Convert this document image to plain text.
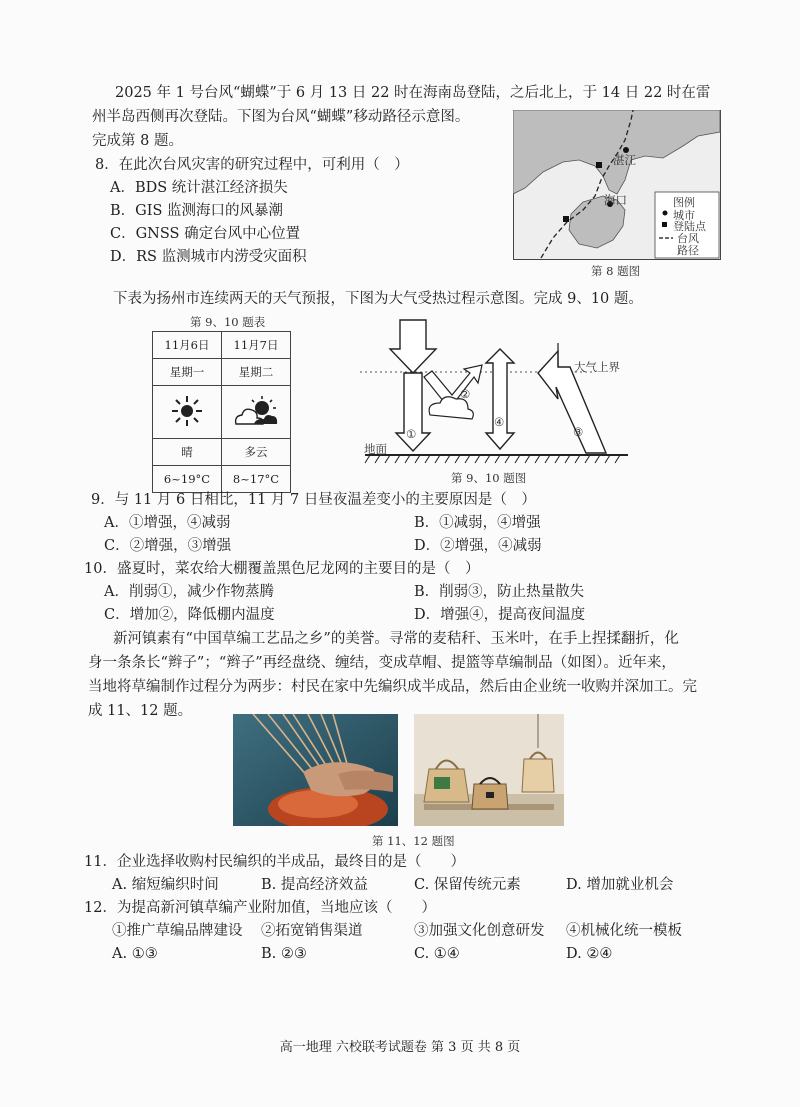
2025 年 1 号台风“蝴蝶”于 6 月 13 日 22 时在海南岛登陆，之后北上，于 14 日 22 时在雷
州半岛西侧再次登陆。下图为台风“蝴蝶”移动路径示意图。
完成第 8 题。
8．在此次台风灾害的研究过程中，可利用（　）
A．BDS 统计湛江经济损失
B．GIS 监测海口的风暴潮
C．GNSS 确定台风中心位置
D．RS 监测城市内涝受灾面积
湛江
海口	图例
城市
登陆点
台风
路径
第 8 题图
下表为扬州市连续两天的天气预报，下图为大气受热过程示意图。完成 9、10 题。
第 9、10 题表
11月6日	11月7日
星期一	星期二

晴	多云
6~19°C	8~17°C
大气上界
地面
①
②
③
④
第 9、10 题图
9．与 11 月 6 日相比，11 月 7 日昼夜温差变小的主要原因是（　）
A．①增强，④减弱	B．①减弱，④增强
C．②增强，③增强	D．②增强，④减弱
10．盛夏时，菜农给大棚覆盖黑色尼龙网的主要目的是（　）
A．削弱①，减少作物蒸腾	B．削弱③，防止热量散失
C．增加②，降低棚内温度	D．增强④，提高夜间温度
新河镇素有“中国草编工艺品之乡”的美誉。寻常的麦秸秆、玉米叶，在手上捏揉翻折，化
身一条条长“辫子”；“辫子”再经盘绕、缠结，变成草帽、提篮等草编制品（如图）。近年来，
当地将草编制作过程分为两步：村民在家中先编织成半成品，然后由企业统一收购并深加工。完
成 11、12 题。
第 11、12 题图
11．企业选择收购村民编织的半成品，最终目的是（　　）
A. 缩短编织时间	B. 提高经济效益	C. 保留传统元素	D. 增加就业机会
12．为提高新河镇草编产业附加值，当地应该（　　）
①推广草编品牌建设 ②拓宽销售渠道	③加强文化创意研发 ④机械化统一模板
A. ①③	B. ②③	C. ①④	D. ②④
高一地理 六校联考试题卷 第 3 页 共 8 页
